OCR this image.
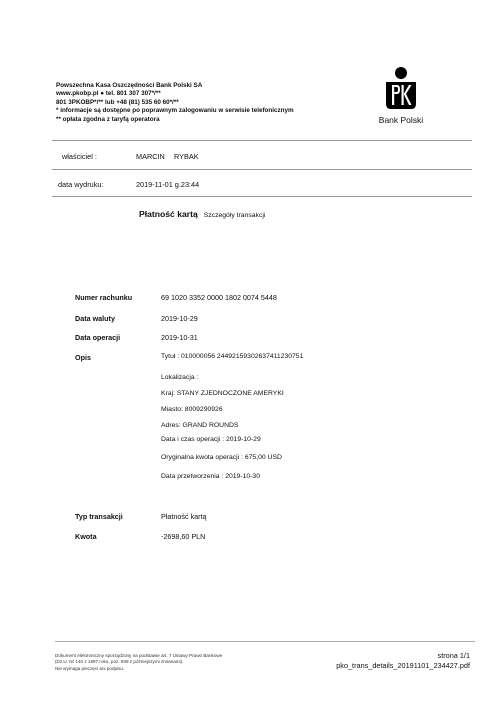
Powszechna Kasa Oszczędności Bank Polski SA
www.pkobp.pl ● tel. 801 307 307*/**
801 3PKOBP*/** lub +48 (81) 535 60 60*/**
* informacje są dostępne po poprawnym zalogowaniu w serwisie telefonicznym
** opłata zgodna z taryfą operatora	Bank Polski
właściciel :	MARCIN RYBAK
data wydruku:	2019-11-01 g.23:44
Płatność kartą Szczegóły transakcji
Numer rachunku	69 1020 3352 0000 1802 0074 5448
Data waluty	2019-10-29
Data operacji	2019-10-31
Opis	Tytuł : 010000056 24492159302637411230751
Lokalizacja :
Kraj: STANY ZJEDNOCZONE AMERYKI
Miasto: 8009290926
Adres: GRAND ROUNDS
Data i czas operacji : 2019-10-29
Oryginalna kwota operacji : 675,00 USD
Data przetworzenia : 2019-10-30
Typ transakcji	Płatność kartą
Kwota	-2698,60 PLN
Dokument elektroniczny sporządzony na podstawie art. 7 Ustawy Prawo Bankowe
(Dz.U. Nr 140 z 1997 roku, poz. 939 z późniejszymi zmianami).
Nie wymaga pieczęci ani podpisu.
strona 1/1
pko_trans_details_20191101_234427.pdf
